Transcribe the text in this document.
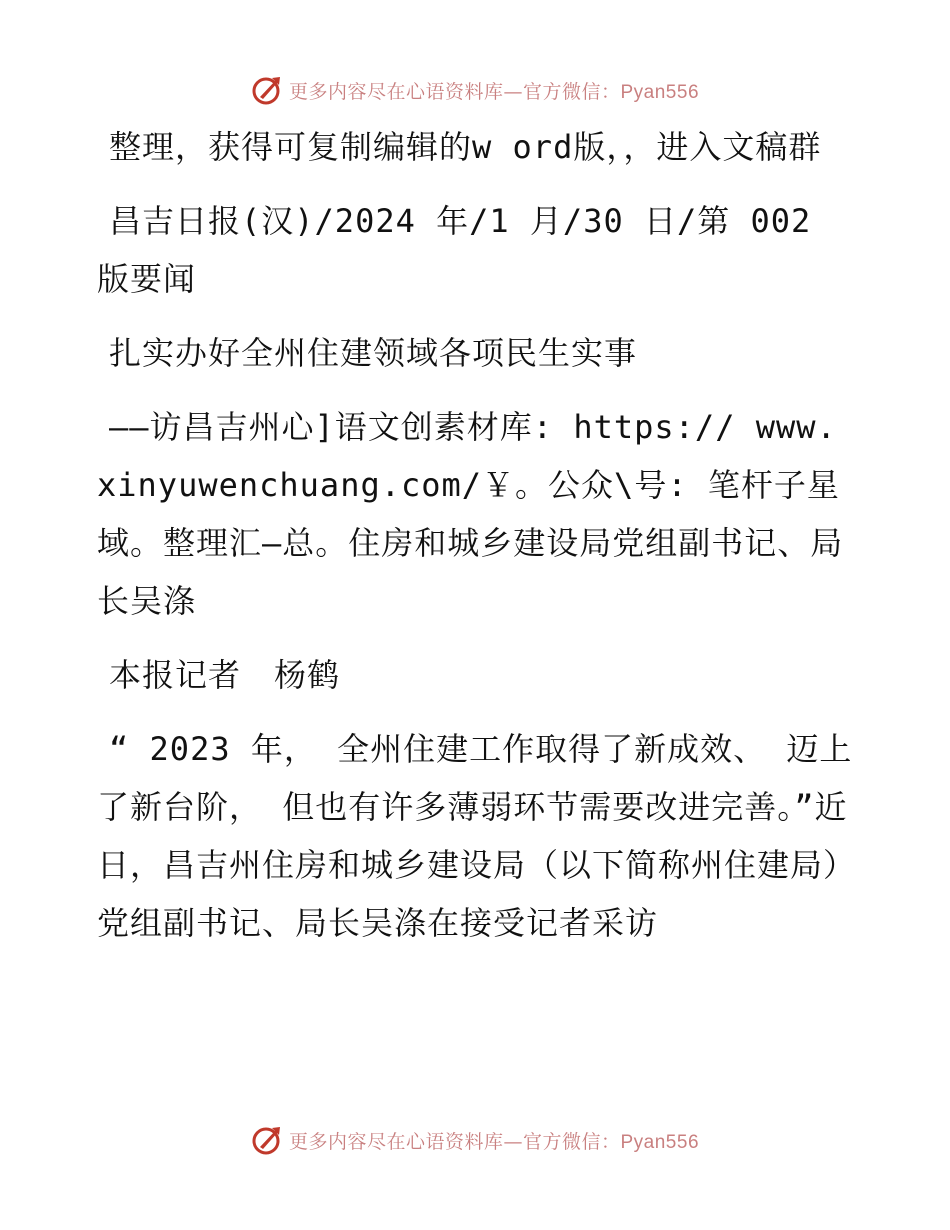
更多内容尽在心语资料库—官方微信：Pyan556

整理，获得可复制编辑的w ord版，，进入文稿群

昌吉日报(汉)/2024 年/1 月/30 日/第 002 版要闻

扎实办好全州住建领域各项民生实事

——访昌吉州心]语文创素材库: https:// www.xinyuwenchuang.com/￥。公众\号: 笔杆子星域。整理汇—总。住房和城乡建设局党组副书记、局长吴涤

本报记者　杨鹤

“ 2023 年， 全州住建工作取得了新成效、 迈上了新台阶， 但也有许多薄弱环节需要改进完善。”近日，昌吉州住房和城乡建设局（以下简称州住建局）党组副书记、局长吴涤在接受记者采访

更多内容尽在心语资料库—官方微信：Pyan556
